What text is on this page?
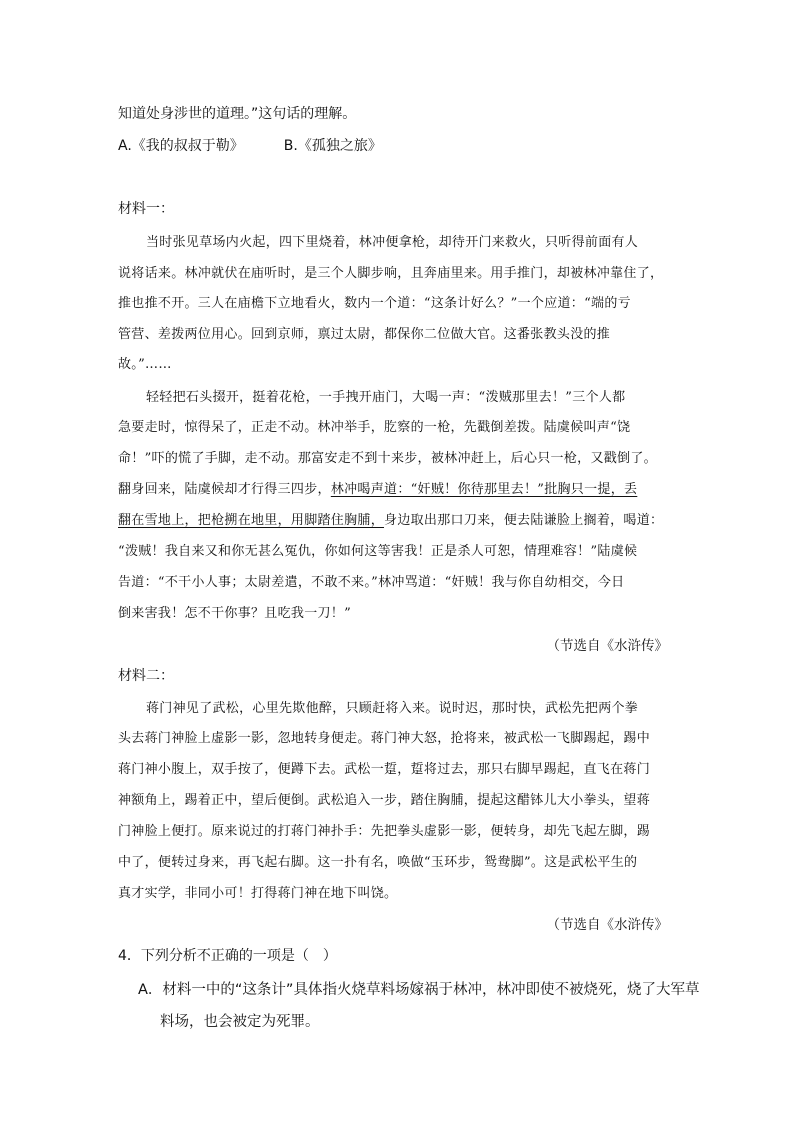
知道处身涉世的道理。”这句话的理解。
A.《我的叔叔于勒》	B.《孤独之旅》
材料一：
当时张见草场内火起，四下里烧着，林冲便拿枪，却待开门来救火，只听得前面有人
说将话来。林冲就伏在庙听时，是三个人脚步响，且奔庙里来。用手推门，却被林冲靠住了，
推也推不开。三人在庙檐下立地看火，数内一个道：“这条计好么？”一个应道：“端的亏
管营、差拨两位用心。回到京师，禀过太尉，都保你二位做大官。这番张教头没的推
故。”……
轻轻把石头掇开，挺着花枪，一手拽开庙门，大喝一声：“泼贼那里去！”三个人都
急要走时，惊得呆了，正走不动。林冲举手，肐察的一枪，先戳倒差拨。陆虞候叫声“饶
命！”吓的慌了手脚，走不动。那富安走不到十来步，被林冲赶上，后心只一枪，又戳倒了。
翻身回来，陆虞候却才行得三四步，林冲喝声道：“奸贼！你待那里去！”批胸只一提，丢
翻在雪地上，把枪搠在地里，用脚踏住胸脯，身边取出那口刀来，便去陆谦脸上搁着，喝道：
“泼贼！我自来又和你无甚么冤仇，你如何这等害我！正是杀人可恕，情理难容！”陆虞候
告道：“不干小人事；太尉差遣，不敢不来。”林冲骂道：“奸贼！我与你自幼相交，今日
倒来害我！怎不干你事？且吃我一刀！”
（节选自《水浒传》
材料二：
蒋门神见了武松，心里先欺他醉，只顾赶将入来。说时迟，那时快，武松先把两个拳
头去蒋门神脸上虚影一影，忽地转身便走。蒋门神大怒，抢将来，被武松一飞脚踢起，踢中
蒋门神小腹上，双手按了，便蹲下去。武松一踅，踅将过去，那只右脚早踢起，直飞在蒋门
神额角上，踢着正中，望后便倒。武松追入一步，踏住胸脯，提起这醋钵儿大小拳头，望蒋
门神脸上便打。原来说过的打蒋门神扑手：先把拳头虚影一影，便转身，却先飞起左脚，踢
中了，便转过身来，再飞起右脚。这一扑有名，唤做“玉环步，鸳鸯脚”。这是武松平生的
真才实学，非同小可！打得蒋门神在地下叫饶。
（节选自《水浒传》
4．下列分析不正确的一项是（　）
A．材料一中的“这条计”具体指火烧草料场嫁祸于林冲，林冲即使不被烧死，烧了大军草
料场，也会被定为死罪。
